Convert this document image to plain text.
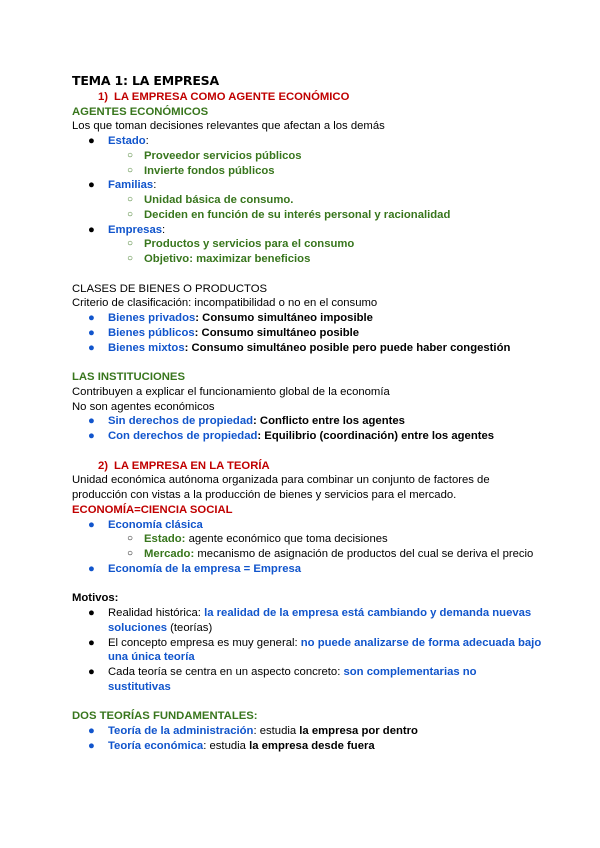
TEMA 1: LA EMPRESA
1) LA EMPRESA COMO AGENTE ECONÓMICO
AGENTES ECONÓMICOS
Los que toman decisiones relevantes que afectan a los demás
● Estado:
○ Proveedor servicios públicos
○ Invierte fondos públicos
● Familias:
○ Unidad básica de consumo.
○ Deciden en función de su interés personal y racionalidad
● Empresas:
○ Productos y servicios para el consumo
○ Objetivo: maximizar beneficios
CLASES DE BIENES O PRODUCTOS
Criterio de clasificación: incompatibilidad o no en el consumo
● Bienes privados: Consumo simultáneo imposible
● Bienes públicos: Consumo simultáneo posible
● Bienes mixtos: Consumo simultáneo posible pero puede haber congestión
LAS INSTITUCIONES
Contribuyen a explicar el funcionamiento global de la economía
No son agentes económicos
● Sin derechos de propiedad: Conflicto entre los agentes
● Con derechos de propiedad: Equilibrio (coordinación) entre los agentes
2) LA EMPRESA EN LA TEORÍA
Unidad económica autónoma organizada para combinar un conjunto de factores de
producción con vistas a la producción de bienes y servicios para el mercado.
ECONOMÍA=CIENCIA SOCIAL
● Economía clásica
○ Estado: agente económico que toma decisiones
○ Mercado: mecanismo de asignación de productos del cual se deriva el precio
● Economía de la empresa = Empresa
Motivos:
● Realidad histórica: la realidad de la empresa está cambiando y demanda nuevas soluciones (teorías)
● El concepto empresa es muy general: no puede analizarse de forma adecuada bajo una única teoría
● Cada teoría se centra en un aspecto concreto: son complementarias no sustitutivas
DOS TEORÍAS FUNDAMENTALES:
● Teoría de la administración: estudia la empresa por dentro
● Teoría económica: estudia la empresa desde fuera
